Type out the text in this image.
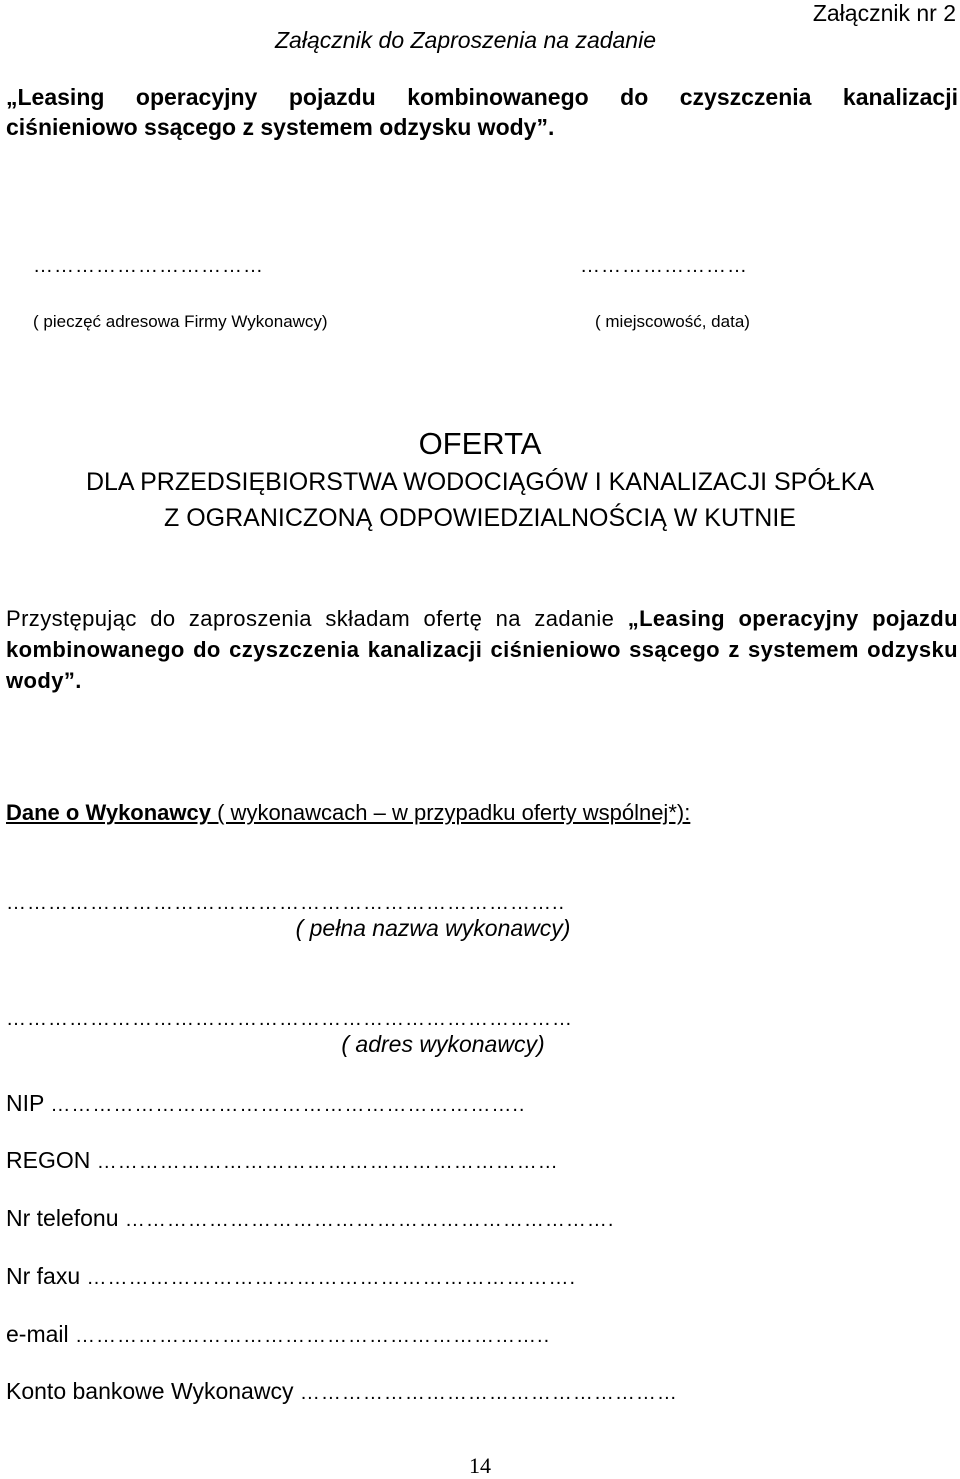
Załącznik nr 2
Załącznik do Zaproszenia na zadanie
„Leasing operacyjny pojazdu kombinowanego do czyszczenia kanalizacji
ciśnieniowo ssącego z systemem odzysku wody”.
……………………………	……………………
( pieczęć adresowa Firmy Wykonawcy)	( miejscowość, data)
OFERTA
DLA PRZEDSIĘBIORSTWA WODOCIĄGÓW I KANALIZACJI SPÓŁKA
Z OGRANICZONĄ ODPOWIEDZIALNOŚCIĄ W KUTNIE
Przystępując do zaproszenia składam ofertę na zadanie „Leasing operacyjny pojazdu kombinowanego do czyszczenia kanalizacji ciśnieniowo ssącego z systemem odzysku wody”.
Dane o Wykonawcy ( wykonawcach – w przypadku oferty wspólnej*):
……………………………………………………………………..
( pełna nazwa wykonawcy)
………………………………………………………………………
( adres wykonawcy)
NIP …………………………………………………………..
REGON …………………………………………………………
Nr telefonu …………………………………………………………….
Nr faxu …………………………………………………………….
e-mail …………………………………………………………..
Konto bankowe Wykonawcy ………………………………………………
14
